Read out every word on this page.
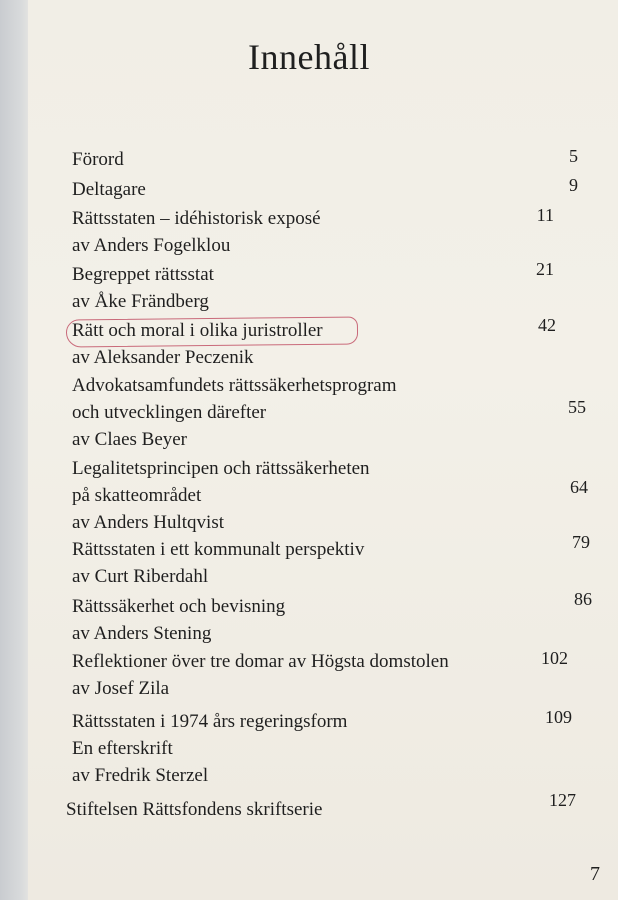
Innehåll
Förord	5
Deltagare	9
Rättsstaten – idéhistorisk exposé
av Anders Fogelklou
11
Begreppet rättsstat
av Åke Frändberg
21
Rätt och moral i olika juristroller
av Aleksander Peczenik
42
Advokatsamfundets rättssäkerhetsprogram
och utvecklingen därefter
av Claes Beyer
55
Legalitetsprincipen och rättssäkerheten
på skatteområdet
av Anders Hultqvist
64
Rättsstaten i ett kommunalt perspektiv
av Curt Riberdahl
79
Rättssäkerhet och bevisning
av Anders Stening
86
Reflektioner över tre domar av Högsta domstolen
av Josef Zila
102
Rättsstaten i 1974 års regeringsform
En efterskrift
av Fredrik Sterzel
109
Stiftelsen Rättsfondens skriftserie	127
7
